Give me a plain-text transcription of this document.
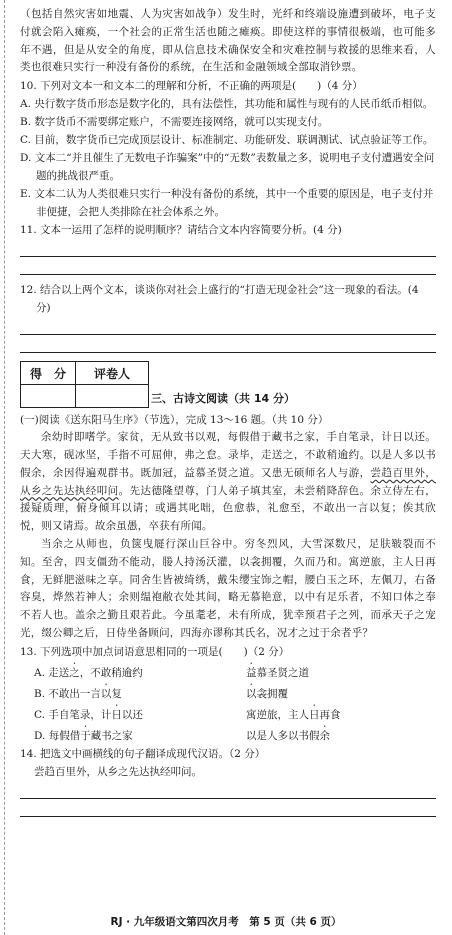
（包括自然灾害如地震、人为灾害如战争）发生时，光纤和终端设施遭到破坏，电子支付就会陷入瘫痪，一个社会的正常生活也随之瘫痪。即使这样的事情很极端，也可能多年不遇，但是从安全的角度，即从信息技术确保安全和灾难控制与救援的思维来看，人类也很难只实行一种没有备份的系统，在生活和金融领域全部取消钞票。

10. 下列对文本一和文本二的理解和分析，不正确的两项是(　　)（4 分）

A. 央行数字货币形态是数字化的，具有法偿性，其功能和属性与现有的人民币纸币相似。

B. 数字货币不需要绑定账户，不需要连接网络，就可以实现支付。

C. 目前，数字货币已完成顶层设计、标准制定、功能研发、联调测试、试点验证等工作。

D. 文本二“并且催生了无数电子诈骗案”中的“无数”表数量之多，说明电子支付遭遇安全问题的挑战很严重。

E. 文本二认为人类很难只实行一种没有备份的系统，其中一个重要的原因是，电子支付并非便捷，会把人类排除在社会体系之外。

11. 文本一运用了怎样的说明顺序？请结合文本内容简要分析。(4 分)

12. 结合以上两个文本，谈谈你对社会上盛行的“打造无现金社会”这一现象的看法。(4 分)

得　分	评卷人

三、古诗文阅读（共 14 分）

(一)阅读《送东阳马生序》（节选），完成 13～16 题。（共 10 分）

余幼时即嗜学。家贫，无从致书以观，每假借于藏书之家，手自笔录，计日以还。天大寒，砚冰坚，手指不可屈伸，弗之怠。录毕，走送之，不敢稍逾约。以是人多以书假余，余因得遍观群书。既加冠，益慕圣贤之道。又患无硕师名人与游，尝趋百里外，从乡之先达执经叩问。先达德隆望尊，门人弟子填其室，未尝稍降辞色。余立侍左右，援疑质理，俯身倾耳以请；或遇其叱咄，色愈恭，礼愈至，不敢出一言以复；俟其欣悦，则又请焉。故余虽愚，卒获有所闻。

当余之从师也，负箧曳屣行深山巨谷中。穷冬烈风，大雪深数尺，足肤皲裂而不知。至舍，四支僵劲不能动，媵人持汤沃灌，以衾拥覆，久而乃和。寓逆旅，主人日再食，无鲜肥滋味之享。同舍生皆被绮绣，戴朱缨宝饰之帽，腰白玉之环，左佩刀，右备容臭，烨然若神人；余则缊袍敝衣处其间，略无慕艳意，以中有足乐者，不知口体之奉不若人也。盖余之勤且艰若此。今虽耄老，未有所成，犹幸预君子之列，而承天子之宠光，缀公卿之后，日侍坐备顾问，四海亦谬称其氏名，况才之过于余者乎？

13. 下列选项中加点词语意思相同的一项是(　　)（2 分）

A. 走送之，不敢稍逾约	益慕圣贤之道
B. 不敢出一言以复	以衾拥覆
C. 手自笔录，计日以还	寓逆旅，主人日再食
D. 每假借于藏书之家	以是人多以书假余

14. 把选文中画横线的句子翻译成现代汉语。（2 分）

尝趋百里外，从乡之先达执经叩问。

RJ · 九年级语文第四次月考　第 5 页（共 6 页）
